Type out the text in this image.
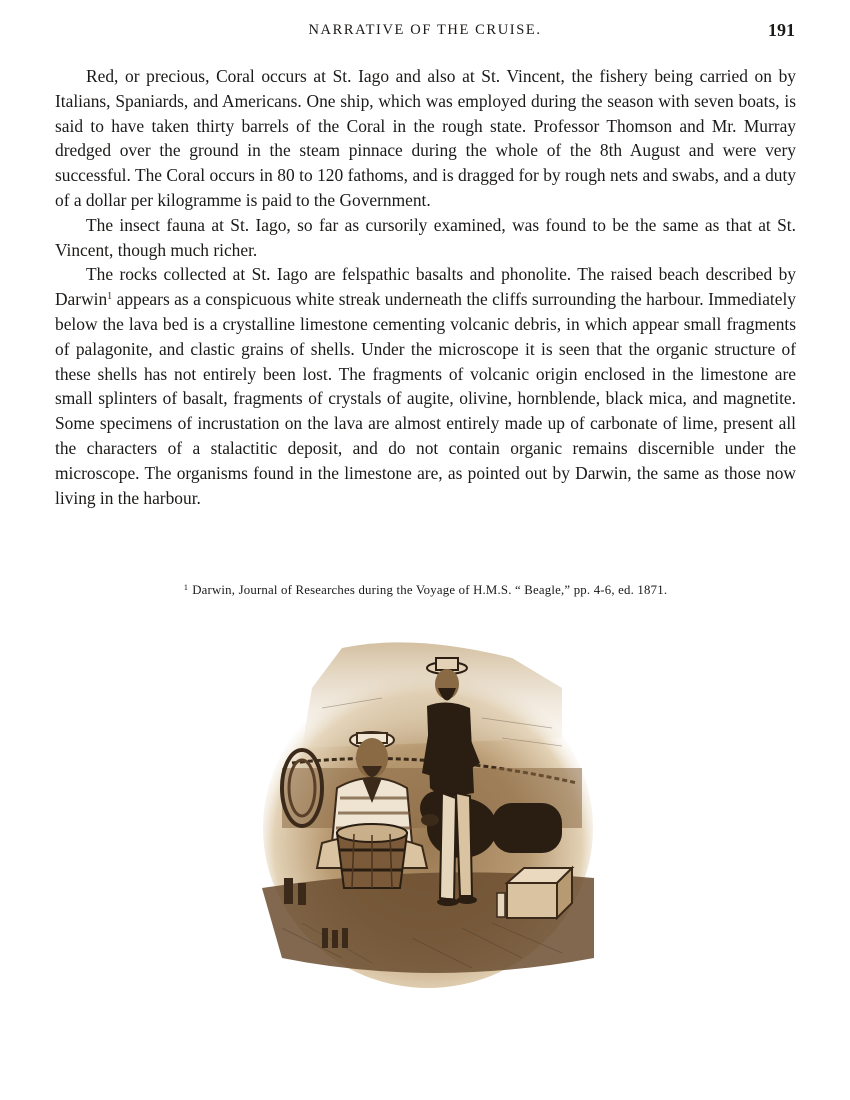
NARRATIVE OF THE CRUISE.	191

Red, or precious, Coral occurs at St. Iago and also at St. Vincent, the fishery being carried on by Italians, Spaniards, and Americans. One ship, which was employed during the season with seven boats, is said to have taken thirty barrels of the Coral in the rough state. Professor Thomson and Mr. Murray dredged over the ground in the steam pinnace during the whole of the 8th August and were very successful. The Coral occurs in 80 to 120 fathoms, and is dragged for by rough nets and swabs, and a duty of a dollar per kilogramme is paid to the Government.

The insect fauna at St. Iago, so far as cursorily examined, was found to be the same as that at St. Vincent, though much richer.

The rocks collected at St. Iago are felspathic basalts and phonolite. The raised beach described by Darwin$^1$ appears as a conspicuous white streak underneath the cliffs surrounding the harbour. Immediately below the lava bed is a crystalline limestone cementing volcanic debris, in which appear small fragments of palagonite, and clastic grains of shells. Under the microscope it is seen that the organic structure of these shells has not entirely been lost. The fragments of volcanic origin enclosed in the limestone are small splinters of basalt, fragments of crystals of augite, olivine, hornblende, black mica, and magnetite. Some specimens of incrustation on the lava are almost entirely made up of carbonate of lime, present all the characters of a stalactitic deposit, and do not contain organic remains discernible under the microscope. The organisms found in the limestone are, as pointed out by Darwin, the same as those now living in the harbour.

$^1$ Darwin, Journal of Researches during the Voyage of H.M.S. “ Beagle,” pp. 4-6, ed. 1871.
